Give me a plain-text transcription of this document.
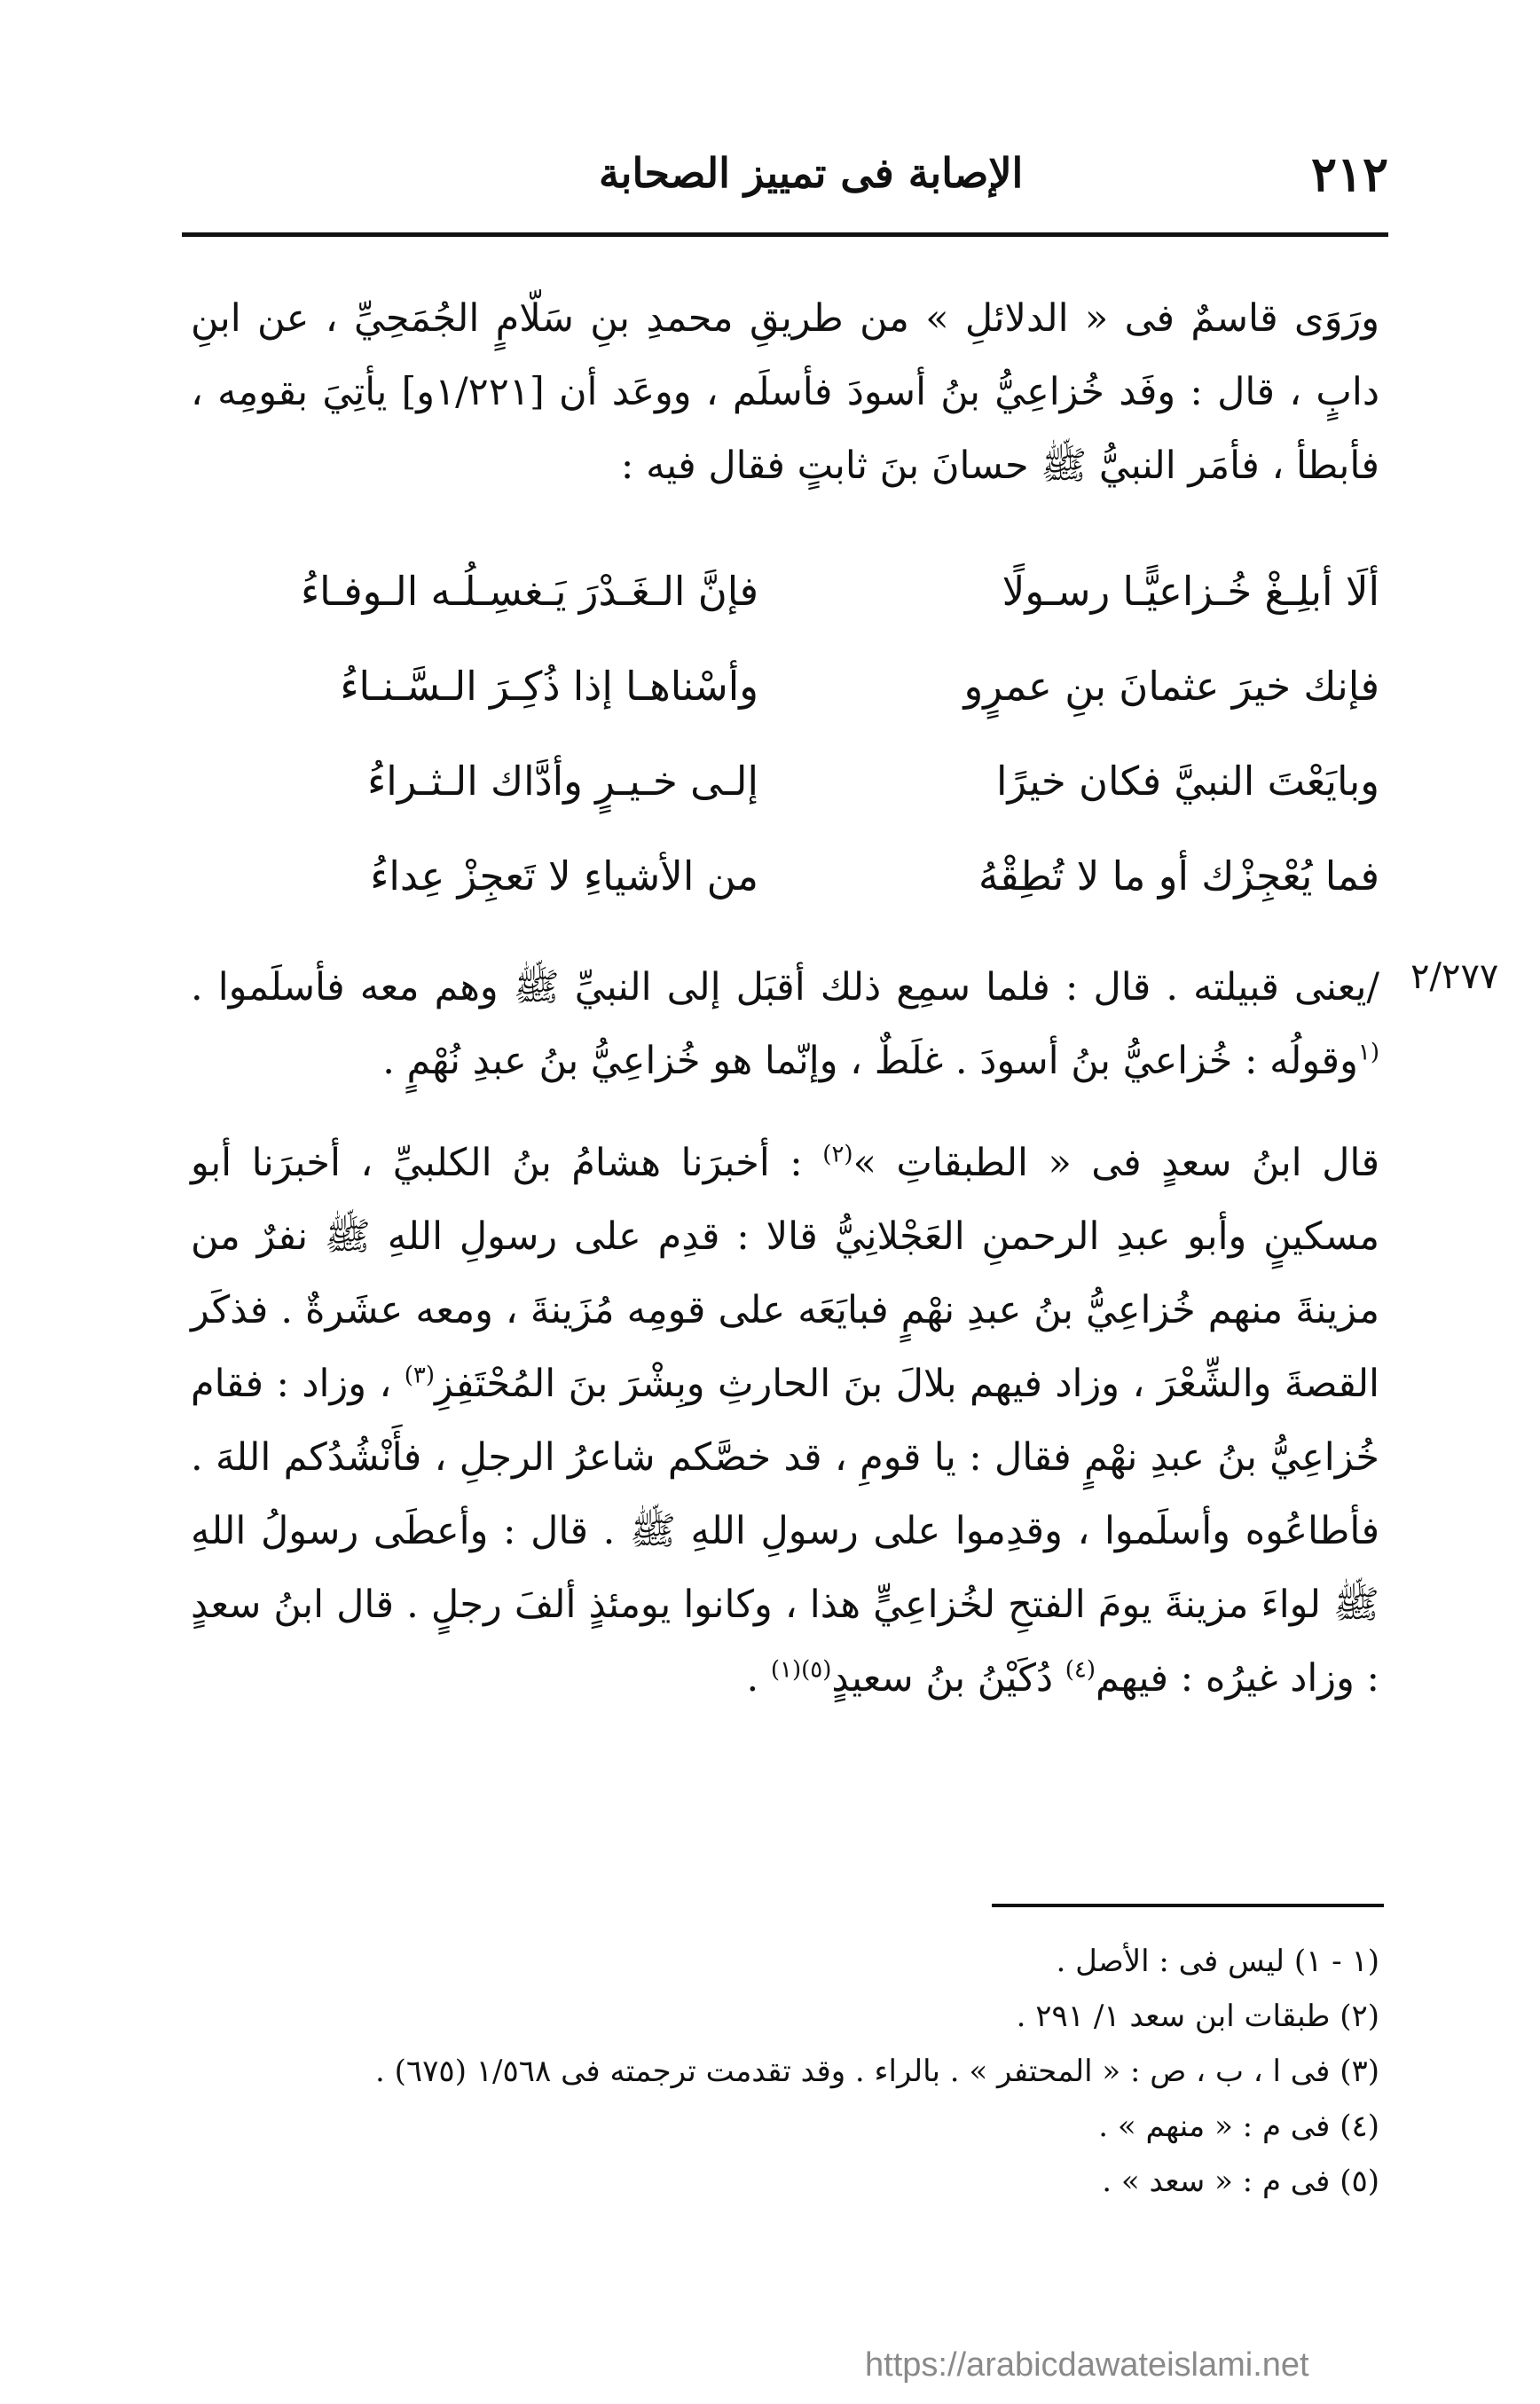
٢١٢
الإصابة فى تمييز الصحابة
ورَوَى قاسمٌ فى « الدلائلِ » من طريقِ محمدِ بنِ سَلّامٍ الجُمَحِيِّ ، عن ابنِ دابٍ ، قال : وفَد خُزاعِيُّ بنُ أسودَ فأسلَم ، ووعَد أن [١/٢٢١و] يأتِيَ بقومِه ، فأبطأ ، فأمَر النبيُّ ﷺ حسانَ بنَ ثابتٍ فقال فيه :
ألَا أبلِـغْ خُـزاعيًّـا رسـولًا
فإنَّ الـغَـدْرَ يَـغسِـلُـه الـوفـاءُ
فإنك خيرَ عثمانَ بنِ عمرٍو
وأسْناهـا إذا ذُكِـرَ الـسَّـنـاءُ
وبايَعْتَ النبيَّ فكان خيرًا
إلـى خـيـرٍ وأدَّاك الـثـراءُ
فما يُعْجِزْك أو ما لا تُطِقْهُ
من الأشياءِ لا تَعجِزْ عِداءُ
٢/٢٧٧
/يعنى قبيلته . قال : فلما سمِع ذلك أقبَل إلى النبيِّ ﷺ وهم معه فأسلَموا . $^{(١}$وقولُه : خُزاعيُّ بنُ أسودَ . غلَطٌ ، وإنّما هو خُزاعِيُّ بنُ عبدِ نُهْمٍ .
قال ابنُ سعدٍ فى « الطبقاتِ »$^{(٢)}$ : أخبرَنا هشامُ بنُ الكلبيِّ ، أخبرَنا أبو مسكينٍ وأبو عبدِ الرحمنِ العَجْلانِيُّ قالا : قدِم على رسولِ اللهِ ﷺ نفرٌ من مزينةَ منهم خُزاعِيُّ بنُ عبدِ نهْمٍ فبايَعَه على قومِه مُزَينةَ ، ومعه عشَرةٌ . فذكَر القصةَ والشِّعْرَ ، وزاد فيهم بلالَ بنَ الحارثِ وبِشْرَ بنَ المُحْتَفِزِ$^{(٣)}$ ، وزاد : فقام خُزاعِيُّ بنُ عبدِ نهْمٍ فقال : يا قومِ ، قد خصَّكم شاعرُ الرجلِ ، فأَنْشُدُكم اللهَ . فأطاعُوه وأسلَموا ، وقدِموا على رسولِ اللهِ ﷺ . قال : وأعطَى رسولُ اللهِ ﷺ لواءَ مزينةَ يومَ الفتحِ لخُزاعِيٍّ هذا ، وكانوا يومئذٍ ألفَ رجلٍ . قال ابنُ سعدٍ : وزاد غيرُه : فيهم$^{(٤)}$ دُكَيْنُ بنُ سعيدٍ$^{(٥)(١)}$ .
(١ - ١) ليس فى : الأصل .
(٢) طبقات ابن سعد ١/ ٢٩١ .
(٣) فى ا ، ب ، ص : « المحتفر » . بالراء . وقد تقدمت ترجمته فى ١/٥٦٨ (٦٧٥) .
(٤) فى م : « منهم » .
(٥) فى م : « سعد » .
https://arabicdawateislami.net
